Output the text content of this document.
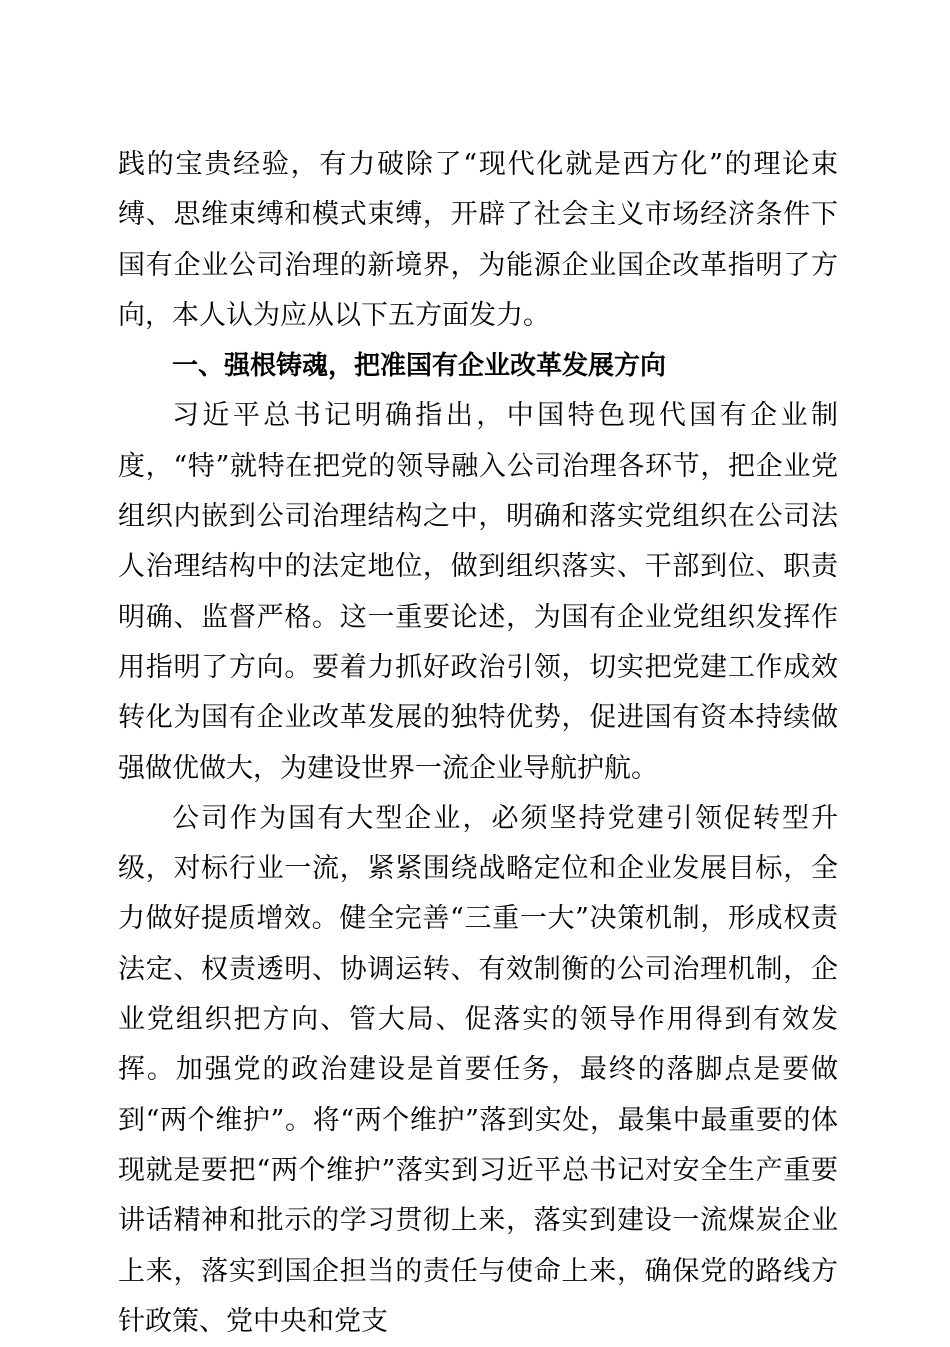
践的宝贵经验，有力破除了“现代化就是西方化”的理论束缚、思维束缚和模式束缚，开辟了社会主义市场经济条件下国有企业公司治理的新境界，为能源企业国企改革指明了方向，本人认为应从以下五方面发力。

一、强根铸魂，把准国有企业改革发展方向

习近平总书记明确指出，中国特色现代国有企业制度，“特”就特在把党的领导融入公司治理各环节，把企业党组织内嵌到公司治理结构之中，明确和落实党组织在公司法人治理结构中的法定地位，做到组织落实、干部到位、职责明确、监督严格。这一重要论述，为国有企业党组织发挥作用指明了方向。要着力抓好政治引领，切实把党建工作成效转化为国有企业改革发展的独特优势，促进国有资本持续做强做优做大，为建设世界一流企业导航护航。

公司作为国有大型企业，必须坚持党建引领促转型升级，对标行业一流，紧紧围绕战略定位和企业发展目标，全力做好提质增效。健全完善“三重一大”决策机制，形成权责法定、权责透明、协调运转、有效制衡的公司治理机制，企业党组织把方向、管大局、促落实的领导作用得到有效发挥。加强党的政治建设是首要任务，最终的落脚点是要做到“两个维护”。将“两个维护”落到实处，最集中最重要的体现就是要把“两个维护”落实到习近平总书记对安全生产重要讲话精神和批示的学习贯彻上来，落实到建设一流煤炭企业上来，落实到国企担当的责任与使命上来，确保党的路线方针政策、党中央和党支
